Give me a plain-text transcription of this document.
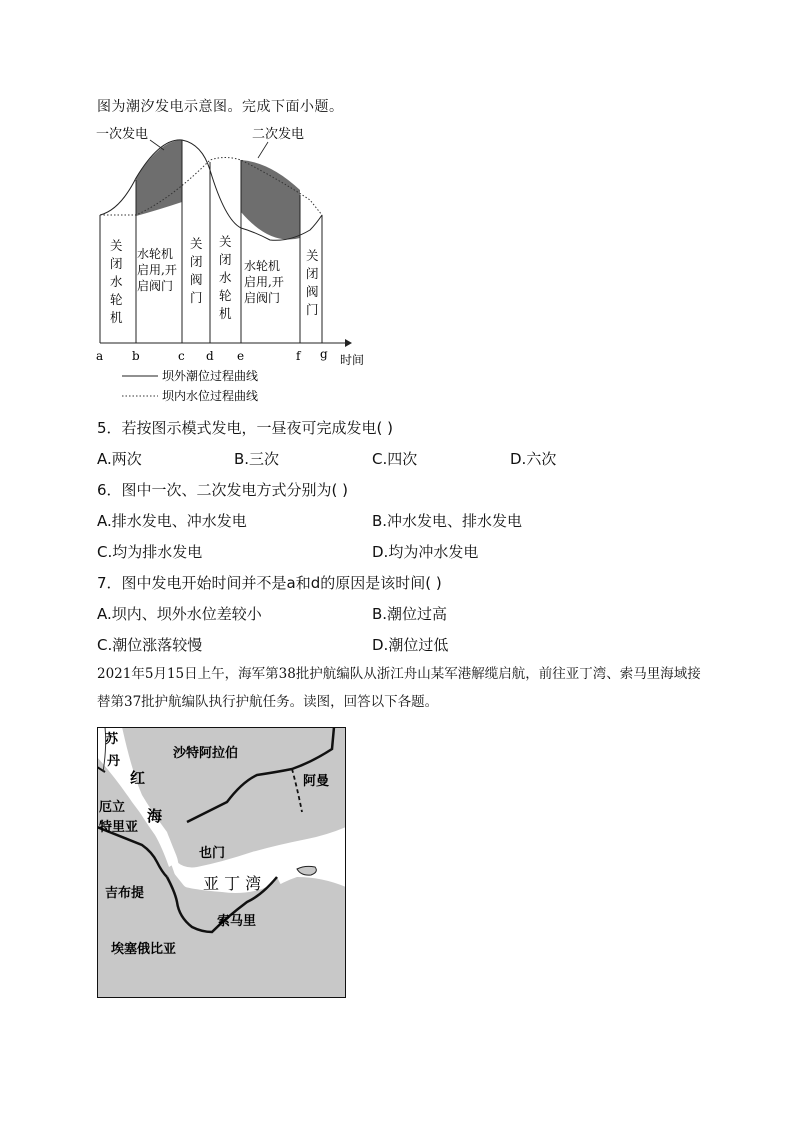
图为潮汐发电示意图。完成下面小题。
一次发电	二次发电
关
闭
水
轮
机
水轮机
启用,开
启阀门
关
闭
阀
门
关
闭
水
轮
机
水轮机
启用,开
启阀门
关
闭
阀
门
a b	c d e	f g 时间
坝外潮位过程曲线
坝内水位过程曲线
5．若按图示模式发电，一昼夜可完成发电( )
A.两次	B.三次	C.四次	D.六次
6．图中一次、二次发电方式分别为( )
A.排水发电、冲水发电	B.冲水发电、排水发电
C.均为排水发电	D.均为冲水发电
7．图中发电开始时间并不是a和d的原因是该时间( )
A.坝内、坝外水位差较小	B.潮位过高
C.潮位涨落较慢	D.潮位过低
2021年5月15日上午，海军第38批护航编队从浙江舟山某军港解缆启航，前往亚丁湾、索马里海域接替第37批护航编队执行护航任务。读图，回答以下各题。
苏
丹
沙特阿拉伯
红
海
阿曼
厄立
特里亚
也门
亚 丁 湾
吉布提
索马里
埃塞俄比亚
